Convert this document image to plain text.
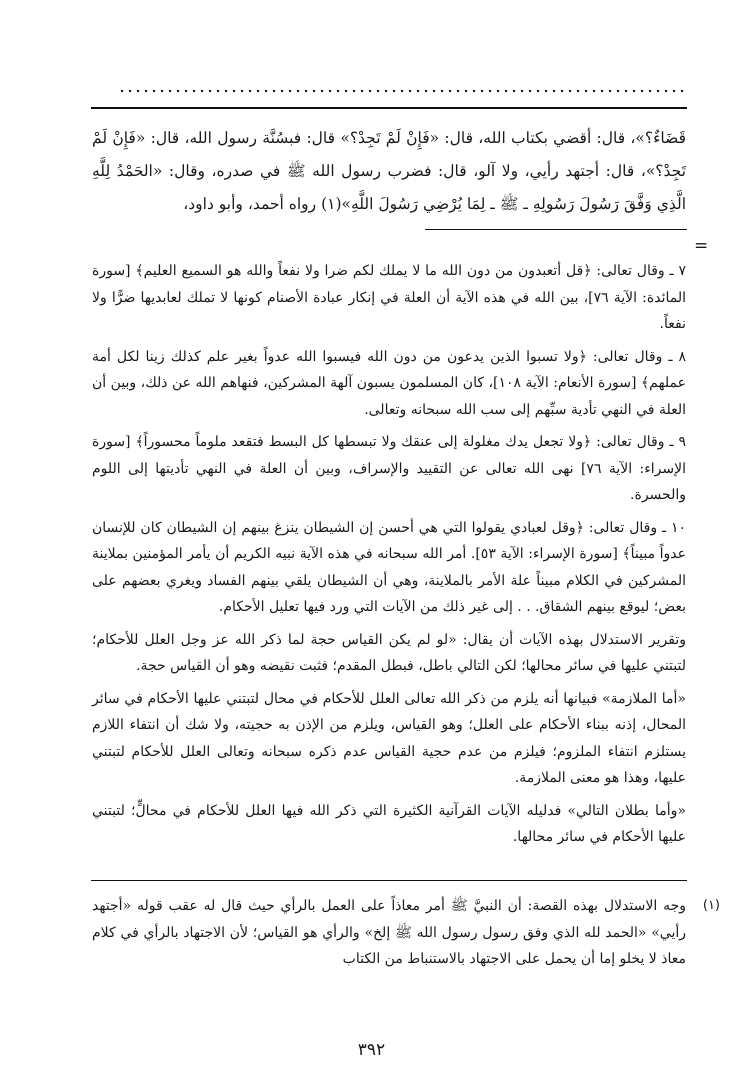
قَضَاءٌ؟»، قال: أقضي بكتاب الله، قال: «فَإِنْ لَمْ تَجِدْ؟» قال: فبسُنَّة رسول الله، قال: «فَإِنْ لَمْ تَجِدْ؟»، قال: أجتهد رأيي، ولا آلو، قال: فضرب رسول الله ﷺ في صدره، وقال: «الحَمْدُ لِلَّهِ الَّذِي وَفَّقَ رَسُولَ رَسُولِهِ ـ ﷺ ـ لِمَا يُرْضِي رَسُولَ اللَّهِ»(١) رواه أحمد، وأبو داود،

=

٧ ـ وقال تعالى: ﴿قل أتعبدون من دون الله ما لا يملك لكم ضرا ولا نفعاً والله هو السميع العليم﴾ [سورة المائدة: الآية ٧٦]، بين الله في هذه الآية أن العلة في إنكار عبادة الأصنام كونها لا تملك لعابديها ضرًّا ولا نفعاً.

٨ ـ وقال تعالى: ﴿ولا تسبوا الذين يدعون من دون الله فيسبوا الله عدواً بغير علم كذلك زينا لكل أمة عملهم﴾ [سورة الأنعام: الآية ١٠٨]، كان المسلمون يسبون آلهة المشركين، فنهاهم الله عن ذلك، وبين أن العلة في النهي تأدية سبِّهم إلى سب الله سبحانه وتعالى.

٩ ـ وقال تعالى: ﴿ولا تجعل يدك مغلولة إلى عنقك ولا تبسطها كل البسط فتقعد ملوماً محسوراً﴾ [سورة الإسراء: الآية ٧٦] نهى الله تعالى عن التقييد والإسراف، وبين أن العلة في النهي تأديتها إلى اللوم والحسرة.

١٠ ـ وقال تعالى: ﴿وقل لعبادي يقولوا التي هي أحسن إن الشيطان ينزغ بينهم إن الشيطان كان للإنسان عدواً مبيناً﴾ [سورة الإسراء: الآية ٥٣]. أمر الله سبحانه في هذه الآية نبيه الكريم أن يأمر المؤمنين بملاينة المشركين في الكلام مبيناً علة الأمر بالملاينة، وهي أن الشيطان يلقي بينهم الفساد ويغري بعضهم على بعض؛ ليوقع بينهم الشقاق. . . إلى غير ذلك من الآيات التي ورد فيها تعليل الأحكام.

وتقرير الاستدلال بهذه الآيات أن يقال: «لو لم يكن القياس حجة لما ذكر الله عز وجل العلل للأحكام؛ لتبتني عليها في سائر محالها؛ لكن التالي باطل، فبطل المقدم؛ فثبت نقيضه وهو أن القياس حجة.

«أما الملازمة» فبيانها أنه يلزم من ذكر الله تعالى العلل للأحكام في محال لتبتني عليها الأحكام في سائر المحال، إذنه ببناء الأحكام على العلل؛ وهو القياس، ويلزم من الإذن به حجيته، ولا شك أن انتفاء اللازم يستلزم انتفاء الملزوم؛ فيلزم من عدم حجية القياس عدم ذكره سبحانه وتعالى العلل للأحكام لتبتني عليها، وهذا هو معنى الملازمة.

«وأما بطلان التالي» فدليله الآيات القرآنية الكثيرة التي ذكر الله فيها العلل للأحكام في محالٍّ؛ لتبتني عليها الأحكام في سائر محالها.

(١)
وجه الاستدلال بهذه القصة: أن النبيَّ ﷺ أمر معاذاً على العمل بالرأي حيث قال له عقب قوله «أجتهد رأيي» «الحمد لله الذي وفق رسول رسول الله ﷺ إلخ» والرأي هو القياس؛ لأن الاجتهاد بالرأي في كلام معاذ لا يخلو إما أن يحمل على الاجتهاد بالاستنباط من الكتاب
٣٩٢
